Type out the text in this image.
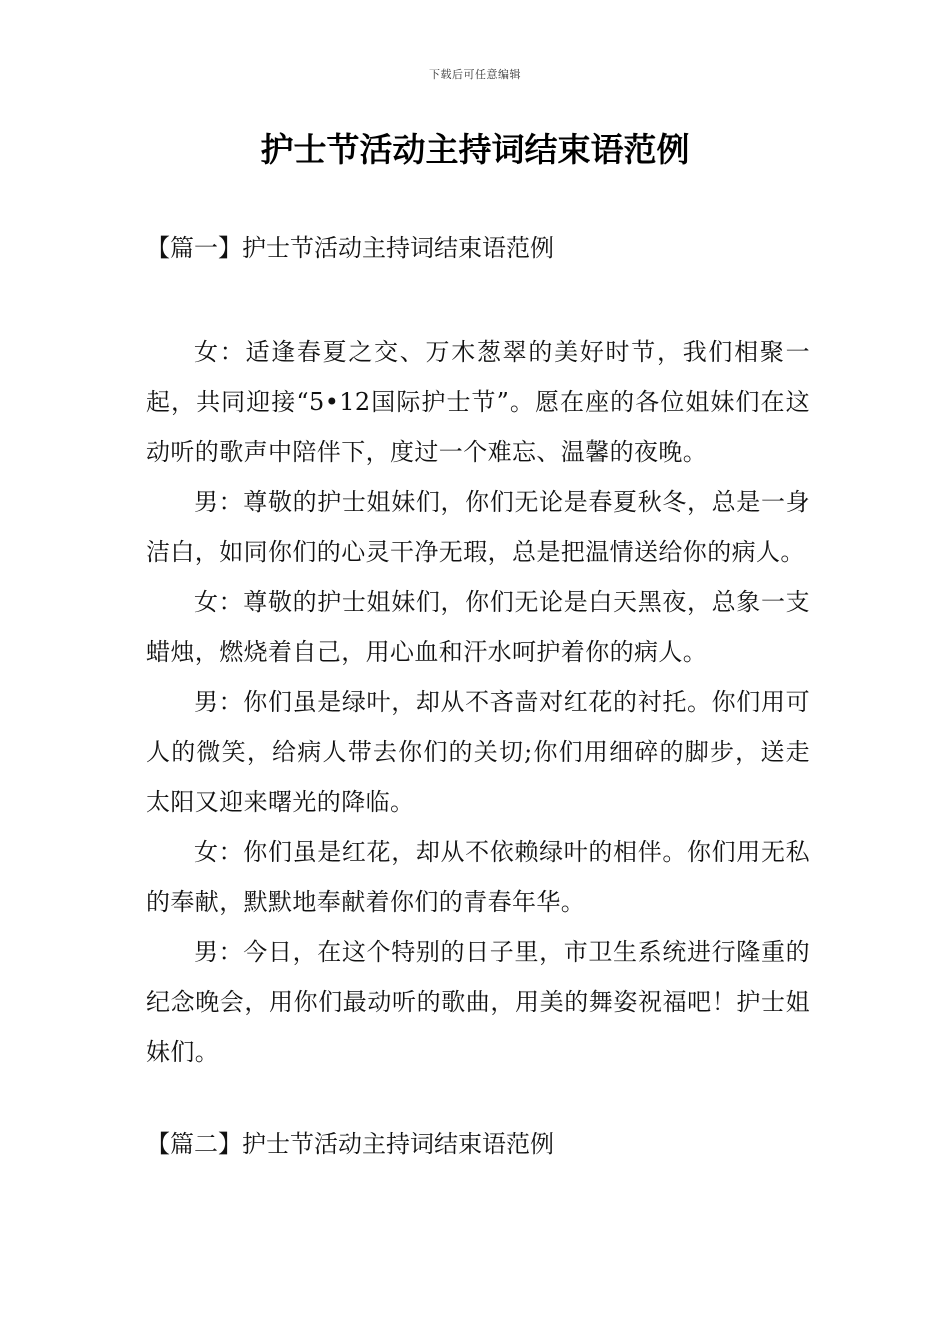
下载后可任意编辑
护士节活动主持词结束语范例
【篇一】护士节活动主持词结束语范例

女：适逢春夏之交、万木葱翠的美好时节，我们相聚一起，共同迎接“5•12国际护士节”。愿在座的各位姐妹们在这动听的歌声中陪伴下，度过一个难忘、温馨的夜晚。

男：尊敬的护士姐妹们，你们无论是春夏秋冬，总是一身洁白，如同你们的心灵干净无瑕，总是把温情送给你的病人。

女：尊敬的护士姐妹们，你们无论是白天黑夜，总象一支蜡烛，燃烧着自己，用心血和汗水呵护着你的病人。

男：你们虽是绿叶，却从不吝啬对红花的衬托。你们用可人的微笑，给病人带去你们的关切;你们用细碎的脚步，送走太阳又迎来曙光的降临。

女：你们虽是红花，却从不依赖绿叶的相伴。你们用无私的奉献，默默地奉献着你们的青春年华。

男：今日，在这个特别的日子里，市卫生系统进行隆重的纪念晚会，用你们最动听的歌曲，用美的舞姿祝福吧！护士姐妹们。

【篇二】护士节活动主持词结束语范例
